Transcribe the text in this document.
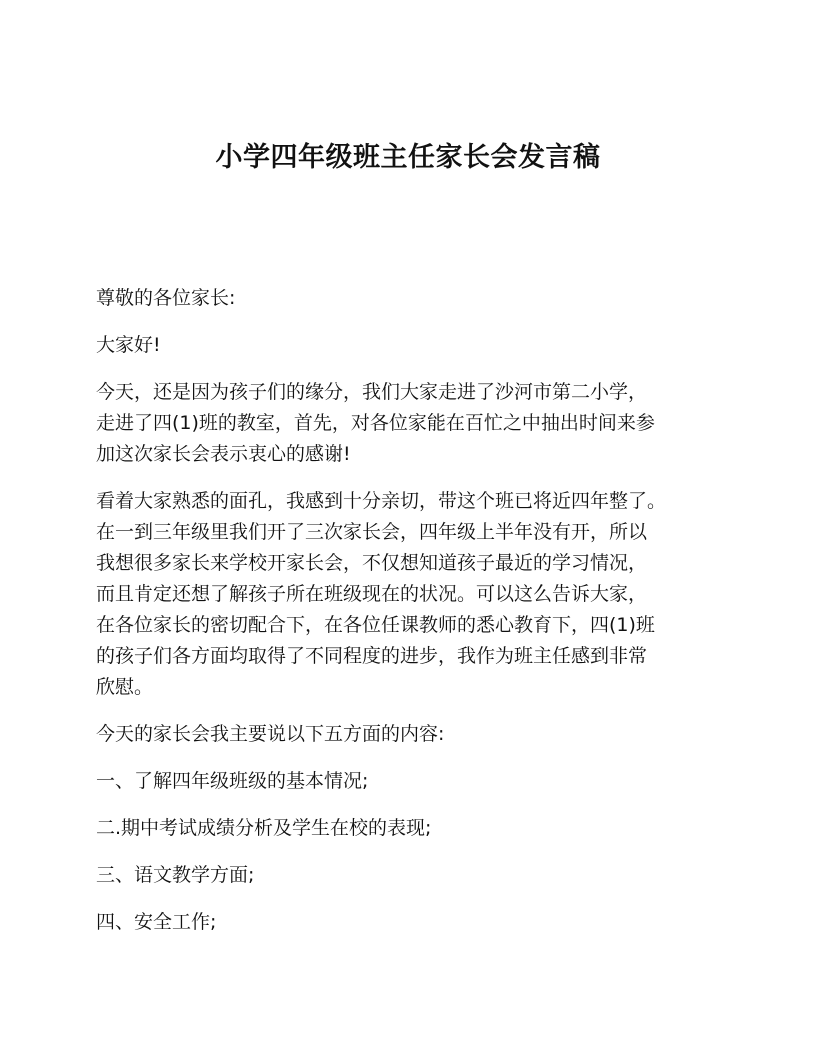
小学四年级班主任家长会发言稿

尊敬的各位家长:

大家好!

今天，还是因为孩子们的缘分，我们大家走进了沙河市第二小学，
走进了四(1)班的教室，首先，对各位家能在百忙之中抽出时间来参
加这次家长会表示衷心的感谢!

看着大家熟悉的面孔，我感到十分亲切，带这个班已将近四年整了。
在一到三年级里我们开了三次家长会，四年级上半年没有开，所以
我想很多家长来学校开家长会，不仅想知道孩子最近的学习情况，
而且肯定还想了解孩子所在班级现在的状况。可以这么告诉大家，
在各位家长的密切配合下，在各位任课教师的悉心教育下，四(1)班
的孩子们各方面均取得了不同程度的进步，我作为班主任感到非常
欣慰。

今天的家长会我主要说以下五方面的内容:

一、了解四年级班级的基本情况;

二.期中考试成绩分析及学生在校的表现;

三、语文教学方面;

四、安全工作;
